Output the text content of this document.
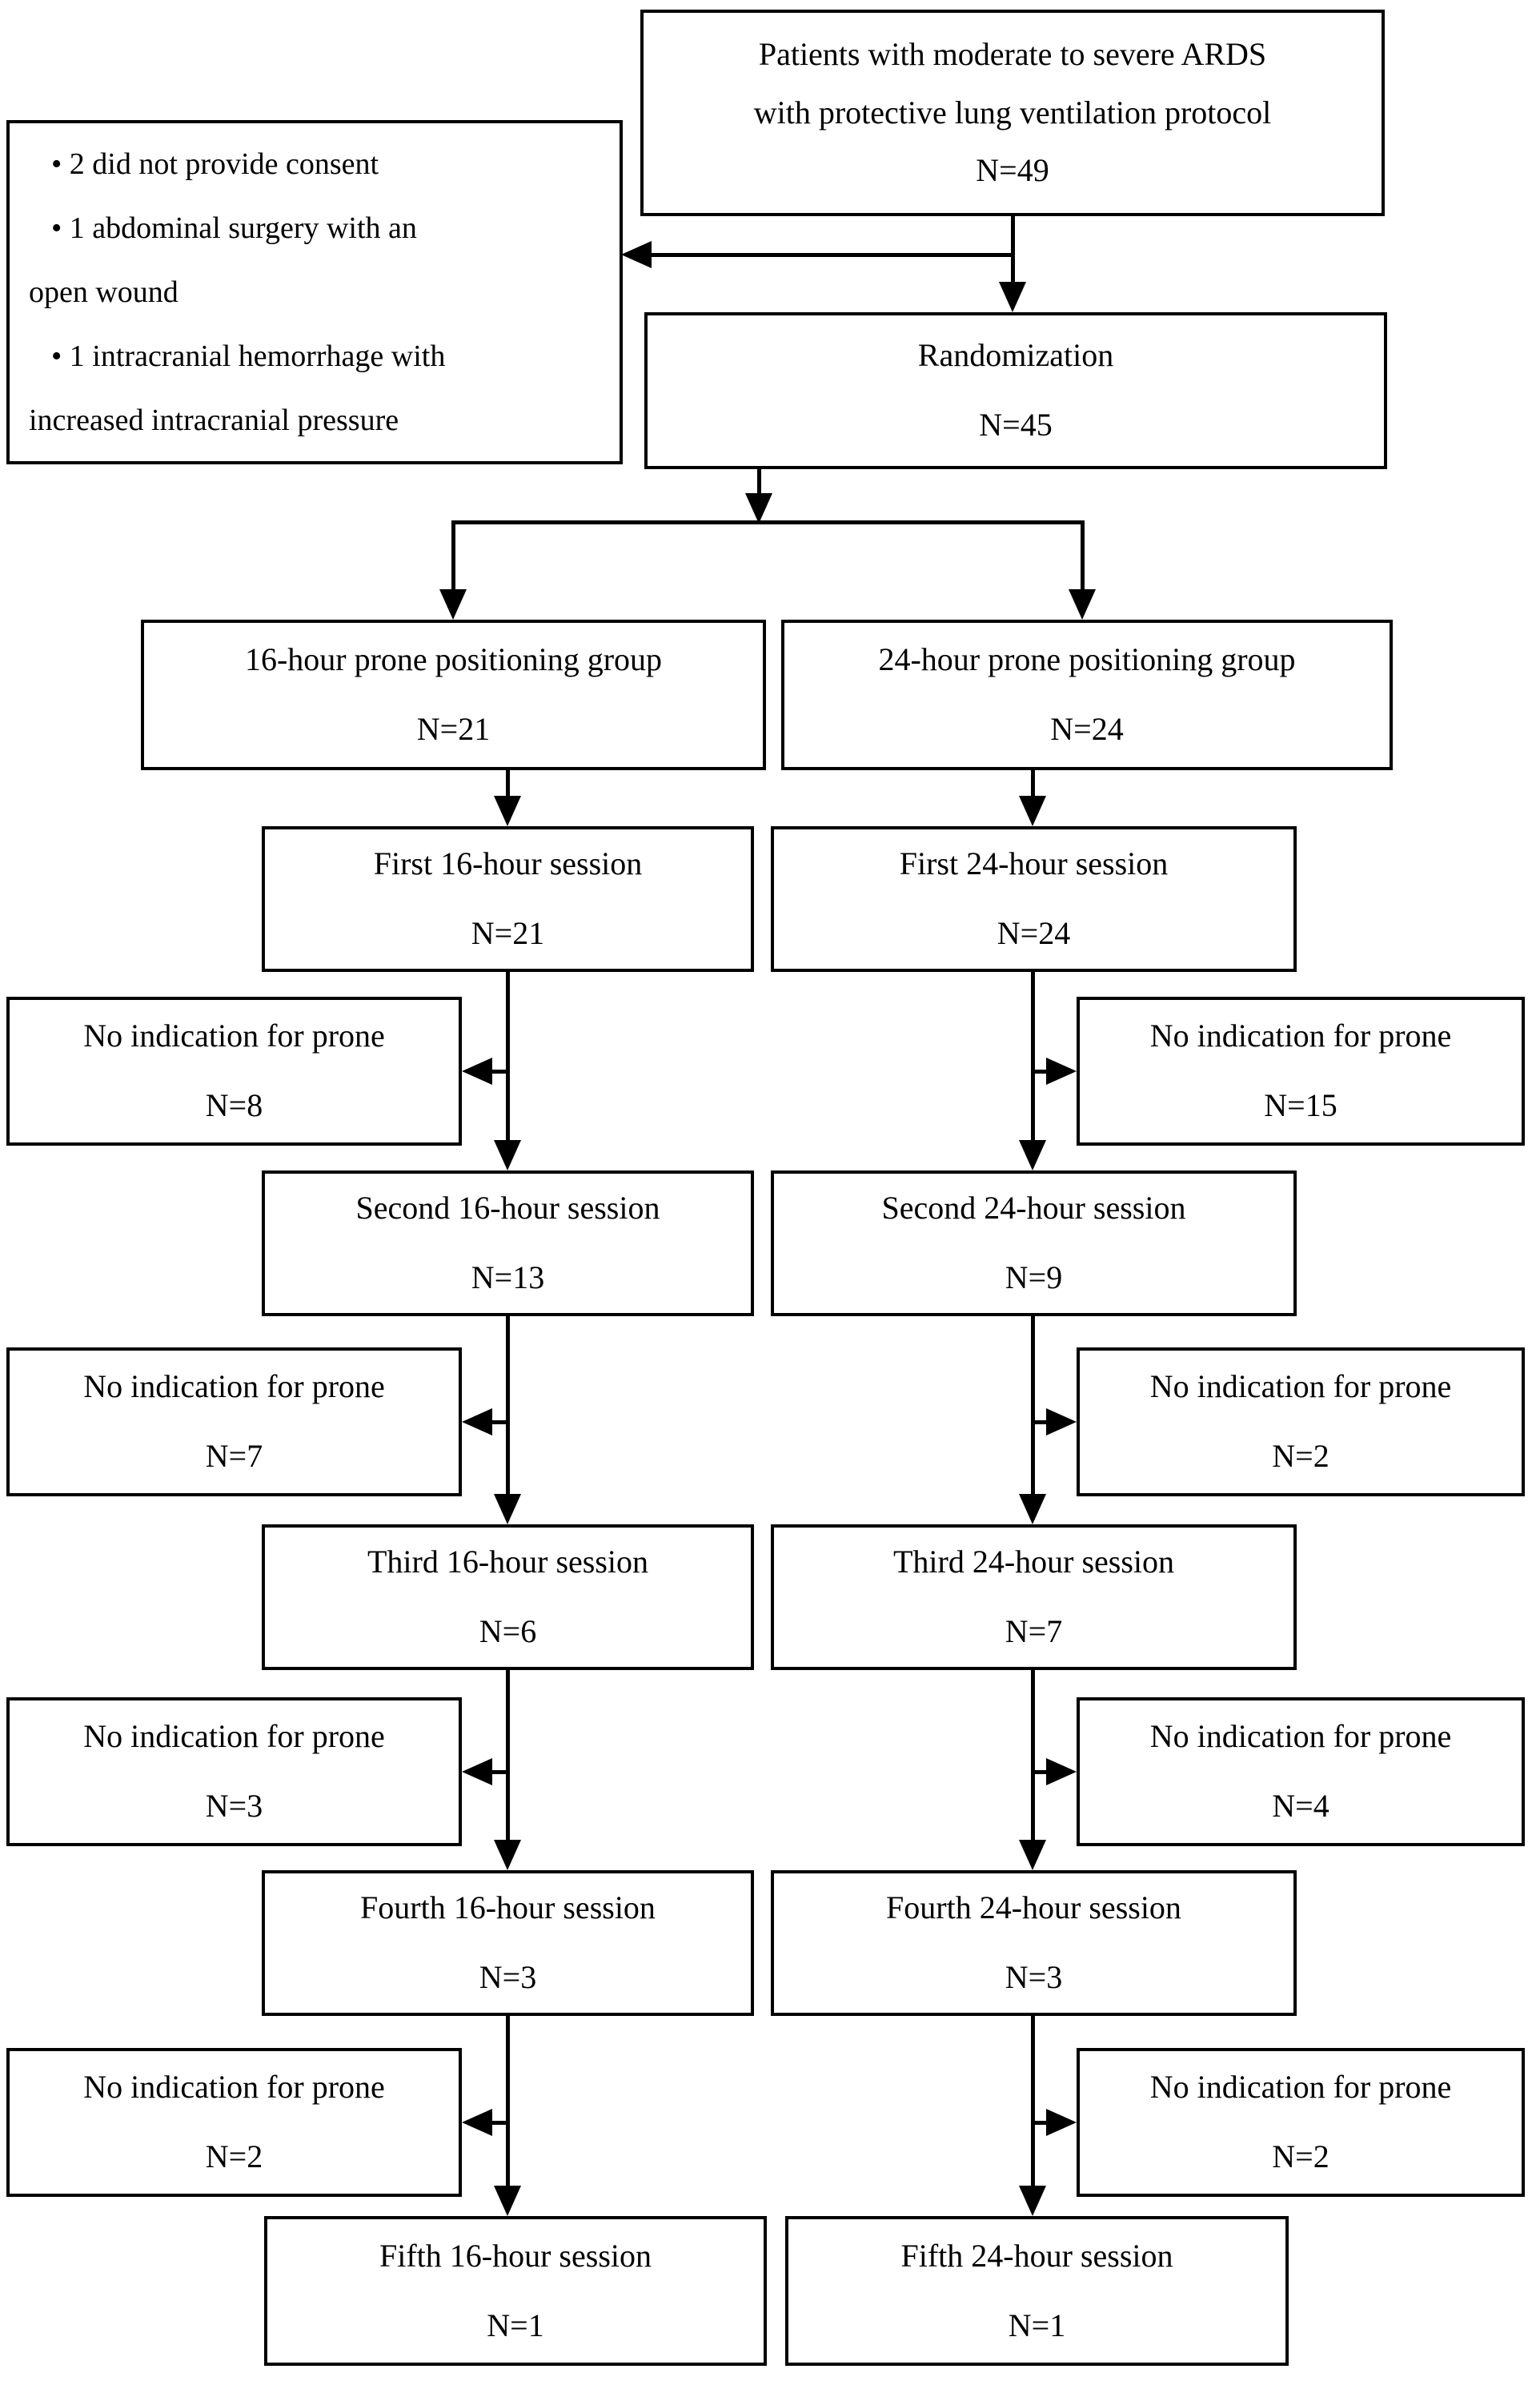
Patients with moderate to severe ARDS
with protective lung ventilation protocol
N=49
• 2 did not provide consent
• 1 abdominal surgery with an
open wound
• 1 intracranial hemorrhage with
increased intracranial pressure
Randomization
N=45
16-hour prone positioning group
N=21
24-hour prone positioning group
N=24
First 16-hour session
N=21
Second 16-hour session
N=13
Third 16-hour session
N=6
Fourth 16-hour session
N=3
Fifth 16-hour session
N=1
First 24-hour session
N=24
Second 24-hour session
N=9
Third 24-hour session
N=7
Fourth 24-hour session
N=3
Fifth 24-hour session
N=1
No indication for prone
N=8
No indication for prone
N=7
No indication for prone
N=3
No indication for prone
N=2
No indication for prone
N=15
No indication for prone
N=2
No indication for prone
N=4
No indication for prone
N=2
